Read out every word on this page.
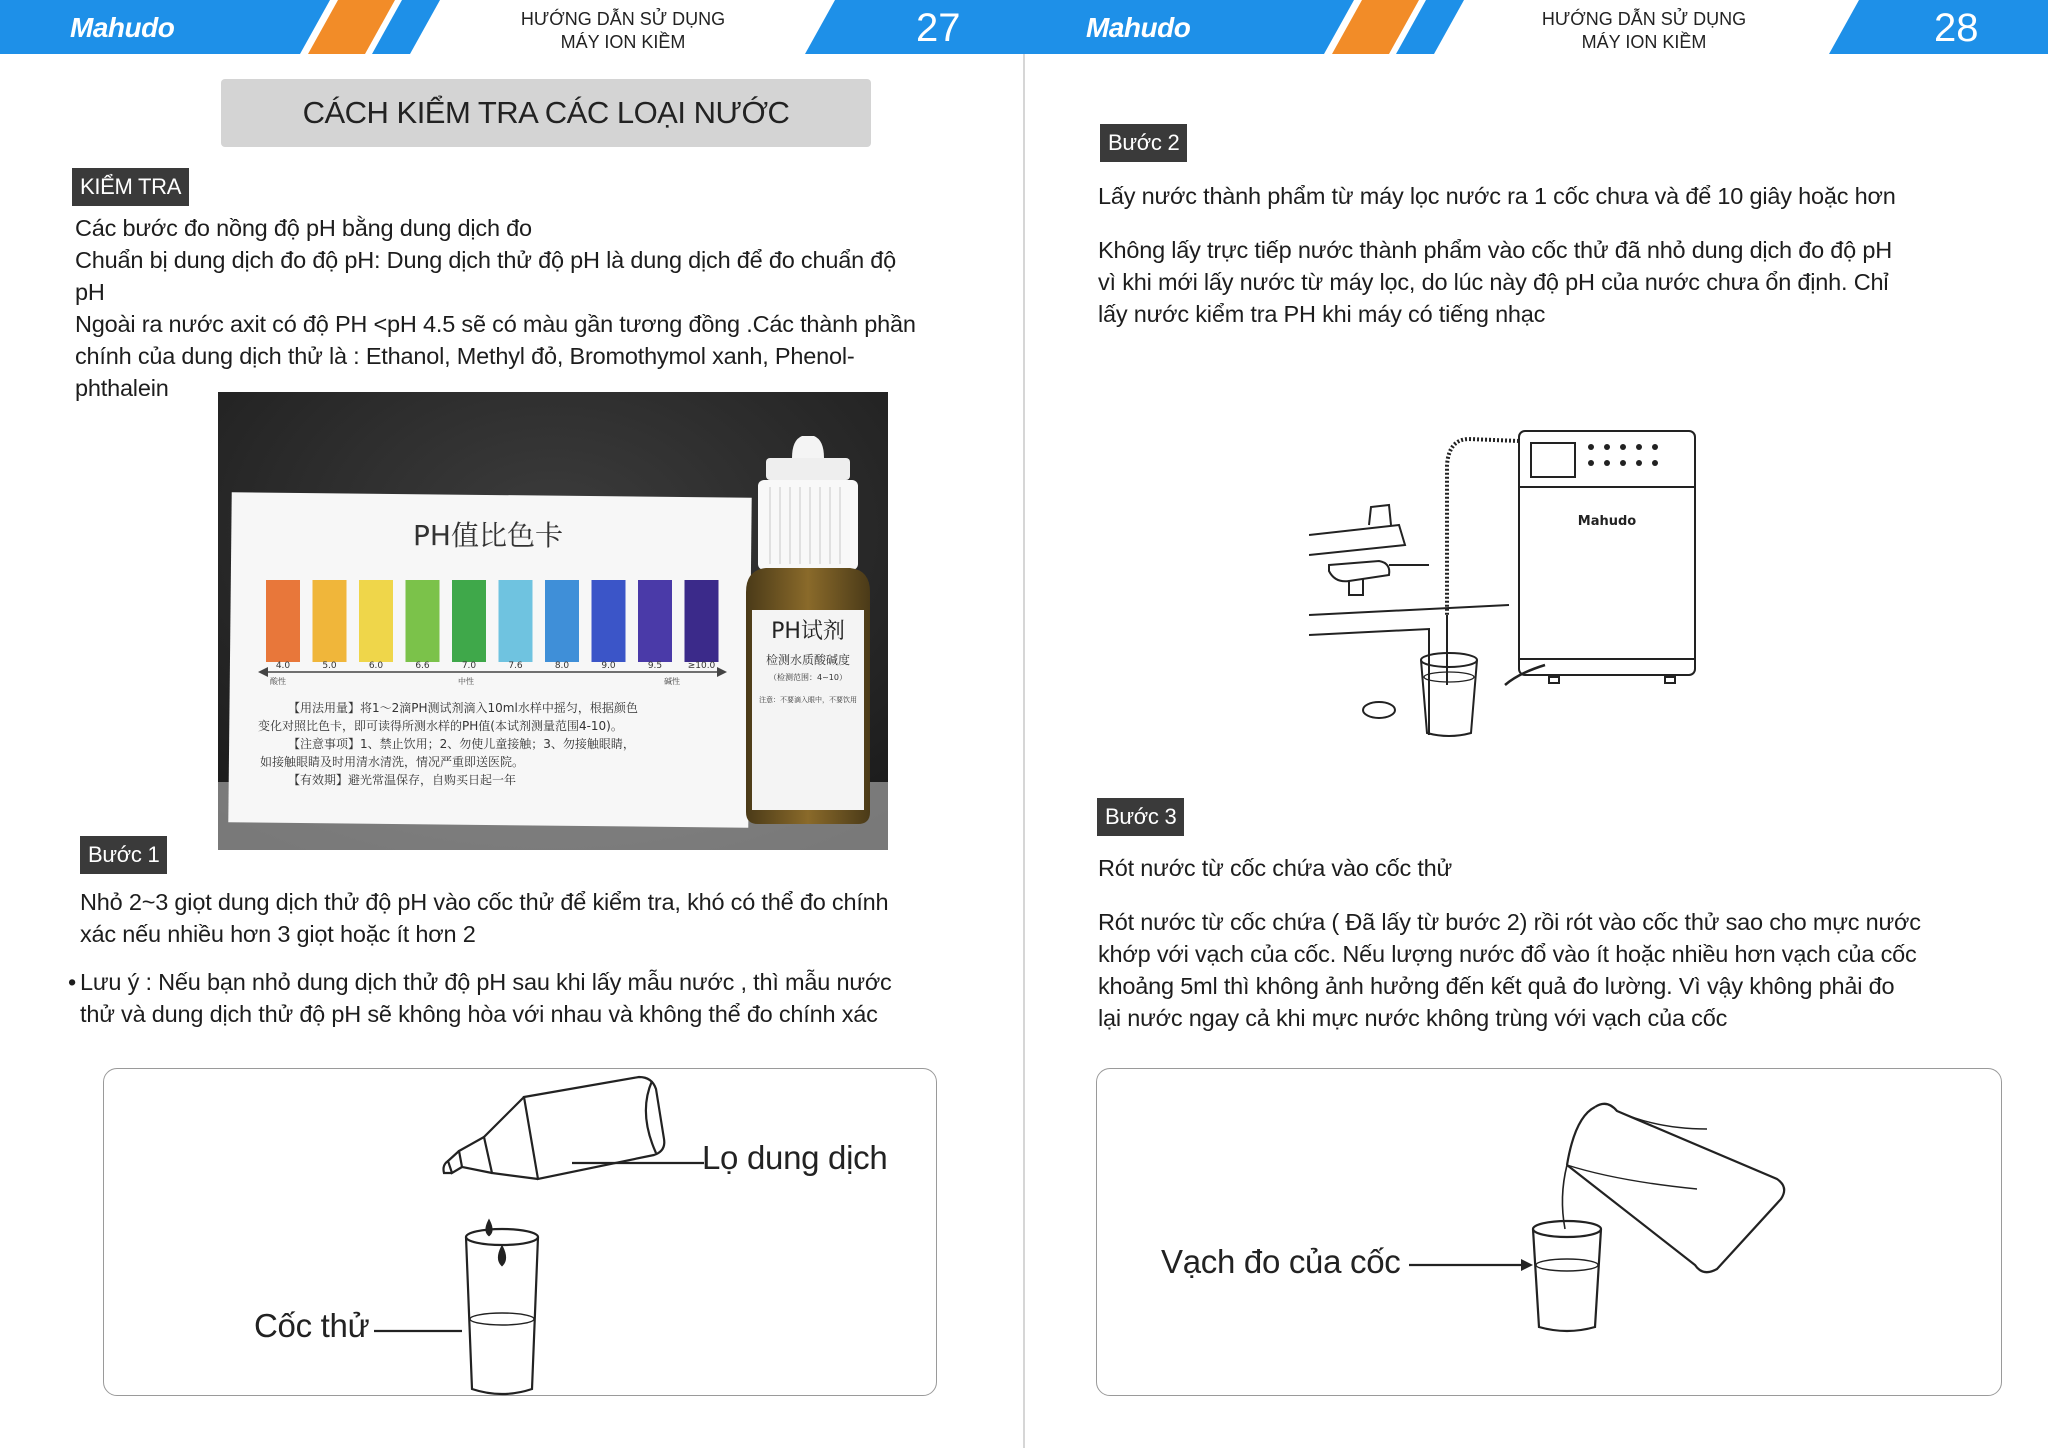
Mahudo	HƯỚNG DẪN SỬ DỤNG
MÁY ION KIỀM	27
CÁCH KIỂM TRA CÁC LOẠI NƯỚC
KIỂM TRA
Các bước đo nồng độ pH bằng dung dịch đo
Chuẩn bị dung dịch đo độ pH: Dung dịch thử độ pH là dung dịch để đo chuẩn độ
pH
Ngoài ra nước axit có độ PH <pH 4.5 sẽ có màu gần tương đồng .Các thành phần
chính của dung dịch thử là : Ethanol, Methyl đỏ, Bromothymol xanh, Phenol-
phthalein
PH值比色卡
4.0	5.0	6.0	6.6	7.0	7.6	8.0	9.0	9.5	≥10.0
酸性	中性	碱性
【用法用量】将1～2滴PH测试剂滴入10ml水样中摇匀，根据颜色
变化对照比色卡，即可读得所测水样的PH值(本试剂测量范围4-10)。
【注意事项】1、禁止饮用；2、勿使儿童接触；3、勿接触眼睛，
如接触眼睛及时用清水清洗，情况严重即送医院。
【有效期】避光常温保存，自购买日起一年
PH试剂
检测水质酸碱度
（检测范围：4~10）
注意：不要滴入眼中，不要饮用
Bước 1
Nhỏ 2~3 giọt dung dịch thử độ pH vào cốc thử để kiểm tra, khó có thể đo chính
xác nếu nhiều hơn 3 giọt hoặc ít hơn 2
• Lưu ý : Nếu bạn nhỏ dung dịch thử độ pH sau khi lấy mẫu nước , thì mẫu nước
thử và dung dịch thử độ pH sẽ không hòa với nhau và không thể đo chính xác
Lọ dung dịch
Cốc thử
Mahudo	HƯỚNG DẪN SỬ DỤNG
MÁY ION KIỀM	28
Bước 2
Lấy nước thành phẩm từ máy lọc nước ra 1 cốc chưa và để 10 giây hoặc hơn
Không lấy trực tiếp nước thành phẩm vào cốc thử đã nhỏ dung dịch đo độ pH
vì khi mới lấy nước từ máy lọc, do lúc này độ pH của nước chưa ổn định. Chỉ
lấy nước kiểm tra PH khi máy có tiếng nhạc
Mahudo
Bước 3
Rót nước từ cốc chứa vào cốc thử
Rót nước từ cốc chứa ( Đã lấy từ bước 2) rồi rót vào cốc thử sao cho mực nước
khớp với vạch của cốc. Nếu lượng nước đổ vào ít hoặc nhiều hơn vạch của cốc
khoảng 5ml thì không ảnh hưởng đến kết quả đo lường. Vì vậy không phải đo
lại nước ngay cả khi mực nước không trùng với vạch của cốc
Vạch đo của cốc
